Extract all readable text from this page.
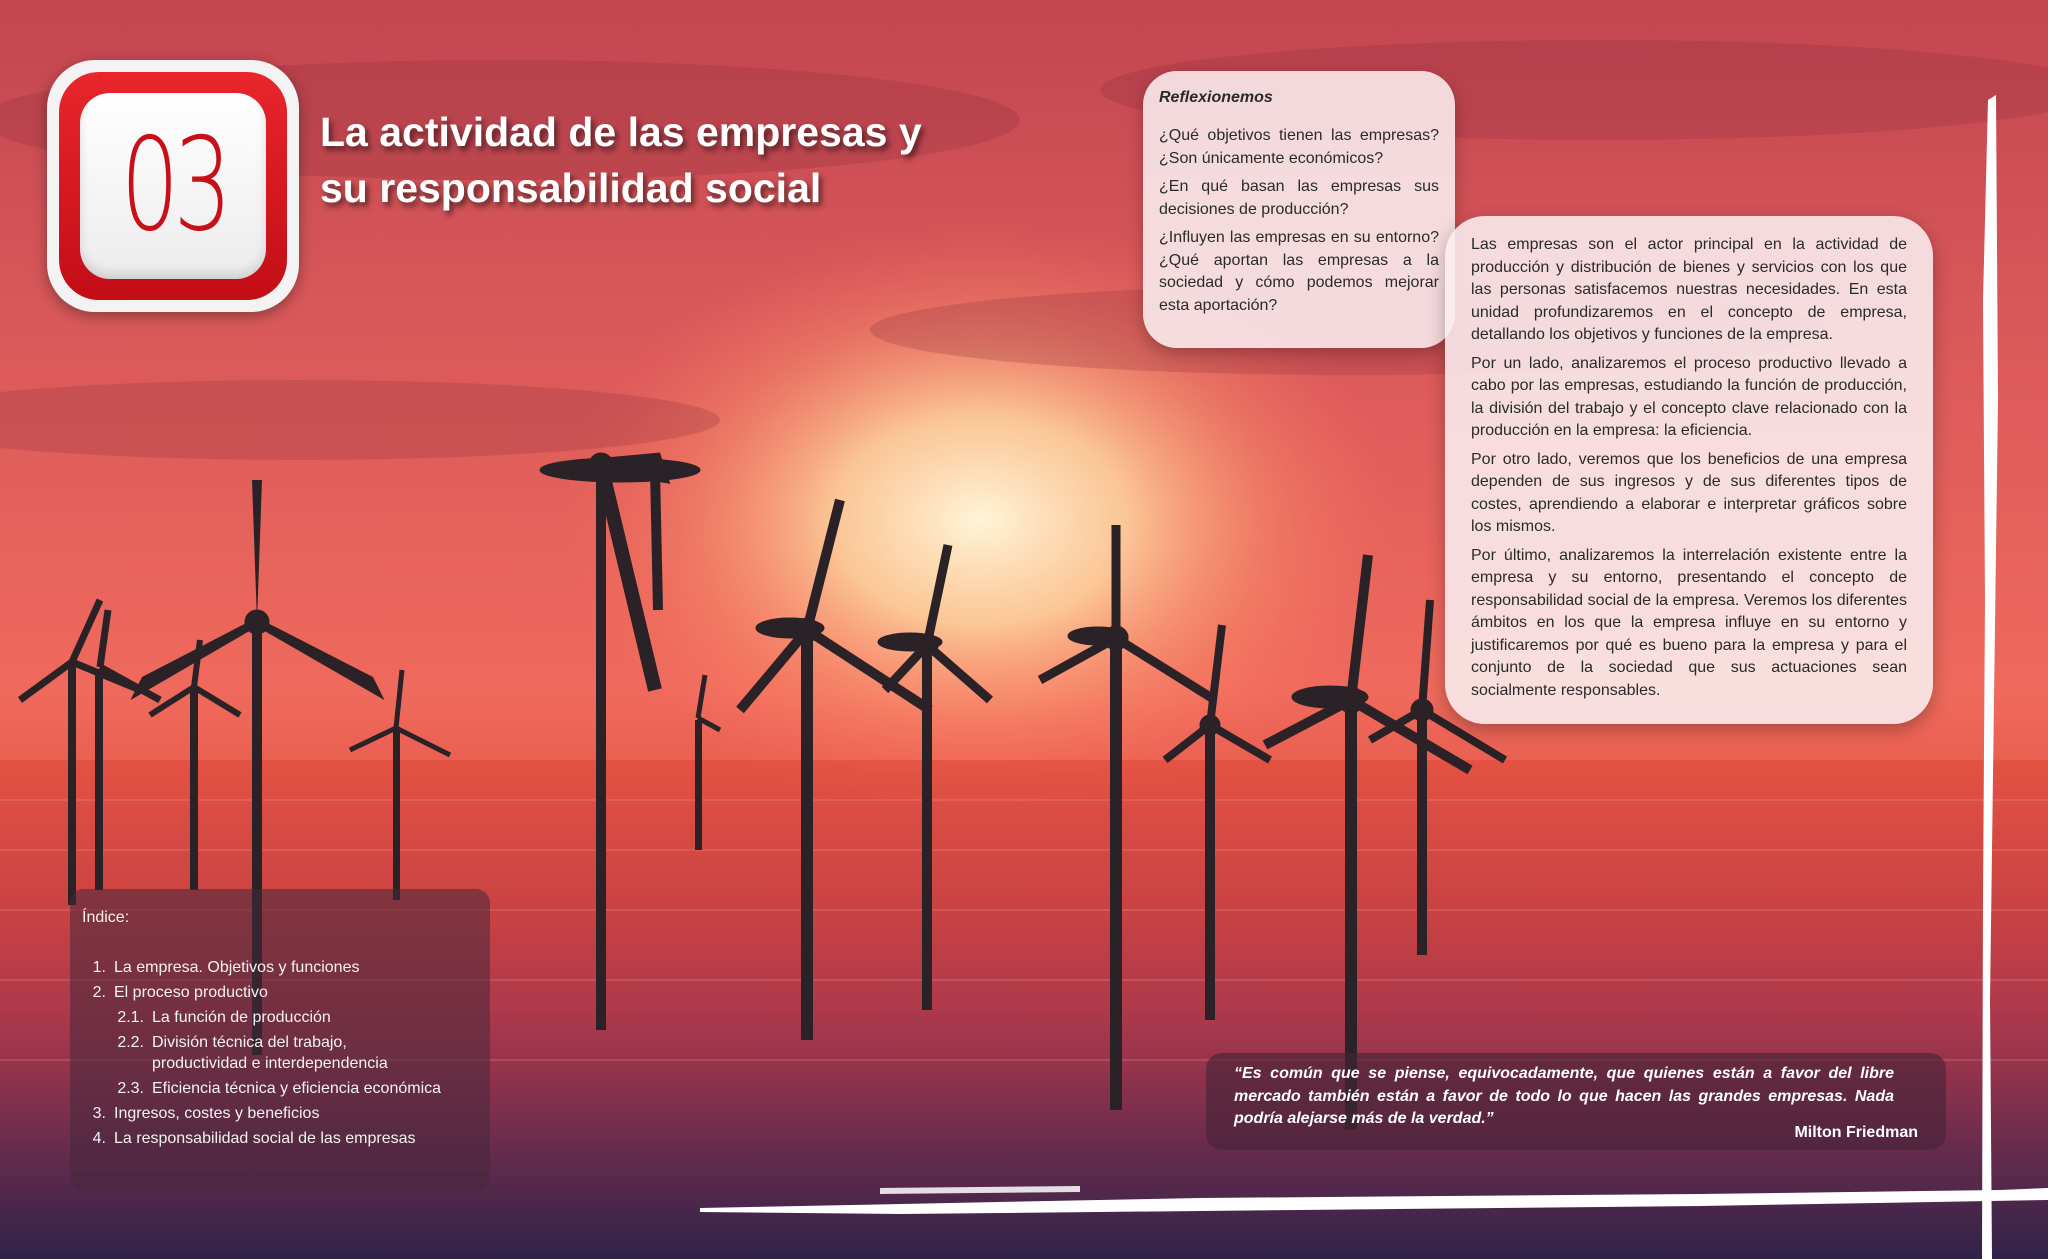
03 La actividad de las empresas y
su responsabilidad social
Reflexionemos

¿Qué objetivos tienen las empresas? ¿Son únicamente económicos?

¿En qué basan las empresas sus decisiones de producción?

¿Influyen las empresas en su entorno? ¿Qué aportan las empresas a la sociedad y cómo podemos mejorar esta aportación?

Las empresas son el actor principal en la actividad de producción y distribución de bienes y servicios con los que las personas satisfacemos nuestras necesidades. En esta unidad profundizaremos en el concepto de empresa, detallando los objetivos y funciones de la empresa.

Por un lado, analizaremos el proceso productivo llevado a cabo por las empresas, estudiando la función de producción, la división del trabajo y el concepto clave relacionado con la producción en la empresa: la eficiencia.

Por otro lado, veremos que los beneficios de una empresa dependen de sus ingresos y de sus diferentes tipos de costes, aprendiendo a elaborar e interpretar gráficos sobre los mismos.

Por último, analizaremos la interrelación existente entre la empresa y su entorno, presentando el concepto de responsabilidad social de la empresa. Veremos los diferentes ámbitos en los que la empresa influye en su entorno y justificaremos por qué es bueno para la empresa y para el conjunto de la sociedad que sus actuaciones sean socialmente responsables.

Índice:
1. La empresa. Objetivos y funciones
2. El proceso productivo
2.1. La función de producción
2.2. División técnica del trabajo, productividad e interdependencia
2.3. Eficiencia técnica y eficiencia económica
3. Ingresos, costes y beneficios
4. La responsabilidad social de las empresas
“Es común que se piense, equivocadamente, que quienes están a favor del libre mercado también están a favor de todo lo que hacen las grandes empresas. Nada podría alejarse más de la verdad.”
Milton Friedman
